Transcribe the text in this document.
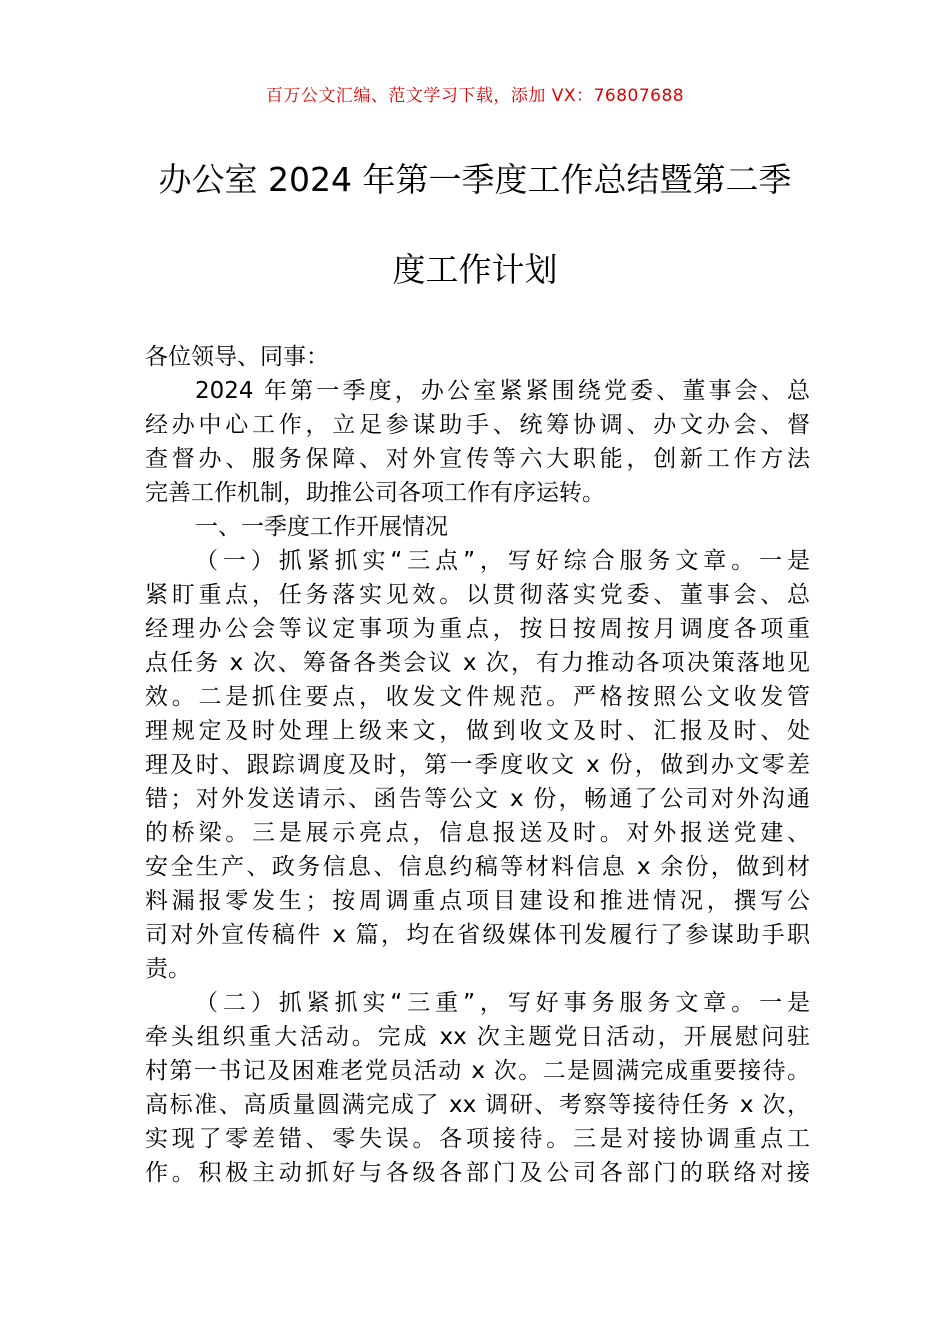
百万公文汇编、范文学习下载，添加 VX：76807688
办公室 2024 年第一季度工作总结暨第二季
度工作计划
各位领导、同事：
2024 年第一季度，办公室紧紧围绕党委、董事会、总
经办中心工作，立足参谋助手、统筹协调、办文办会、督
查督办、服务保障、对外宣传等六大职能，创新工作方法
完善工作机制，助推公司各项工作有序运转。
一、一季度工作开展情况
（一）抓紧抓实“三点”，写好综合服务文章。一是
紧盯重点，任务落实见效。以贯彻落实党委、董事会、总
经理办公会等议定事项为重点，按日按周按月调度各项重
点任务 x 次、筹备各类会议 x 次，有力推动各项决策落地见
效。二是抓住要点，收发文件规范。严格按照公文收发管
理规定及时处理上级来文，做到收文及时、汇报及时、处
理及时、跟踪调度及时，第一季度收文 x 份，做到办文零差
错；对外发送请示、函告等公文 x 份，畅通了公司对外沟通
的桥梁。三是展示亮点，信息报送及时。对外报送党建、
安全生产、政务信息、信息约稿等材料信息 x 余份，做到材
料漏报零发生；按周调重点项目建设和推进情况，撰写公
司对外宣传稿件 x 篇，均在省级媒体刊发履行了参谋助手职
责。
（二）抓紧抓实“三重”，写好事务服务文章。一是
牵头组织重大活动。完成 xx 次主题党日活动，开展慰问驻
村第一书记及困难老党员活动 x 次。二是圆满完成重要接待。
高标准、高质量圆满完成了 xx 调研、考察等接待任务 x 次，
实现了零差错、零失误。各项接待。三是对接协调重点工
作。积极主动抓好与各级各部门及公司各部门的联络对接
